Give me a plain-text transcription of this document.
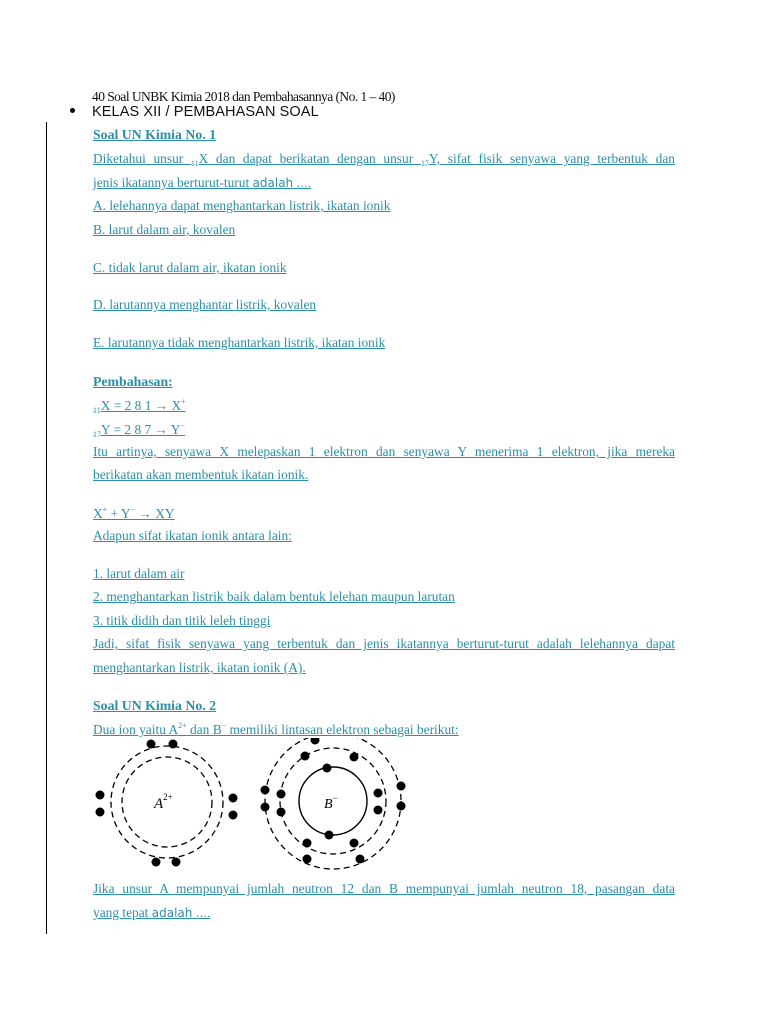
40 Soal UNBK Kimia 2018 dan Pembahasannya (No. 1 – 40)
KELAS XII / PEMBAHASAN SOAL
Soal UN Kimia No. 1
Diketahui unsur $_{11}$X dan dapat berikatan dengan unsur $_{17}$Y, sifat fisik senyawa yang terbentuk dan
jenis ikatannya berturut-turut adalah ….
A. lelehannya dapat menghantarkan listrik, ikatan ionik
B. larut dalam air, kovalen
C. tidak larut dalam air, ikatan ionik
D. larutannya menghantar listrik, kovalen
E. larutannya tidak menghantarkan listrik, ikatan ionik
Pembahasan:
$_{11}$X = 2 8 1 → X+
$_{17}$Y = 2 8 7 → Y−
Itu artinya, senyawa X melepaskan 1 elektron dan senyawa Y menerima 1 elektron, jika mereka
berikatan akan membentuk ikatan ionik.
X+ + Y− → XY
Adapun sifat ikatan ionik antara lain:
1. larut dalam air
2. menghantarkan listrik baik dalam bentuk lelehan maupun larutan
3. titik didih dan titik leleh tinggi
Jadi, sifat fisik senyawa yang terbentuk dan jenis ikatannya berturut-turut adalah lelehannya dapat
menghantarkan listrik, ikatan ionik (A).
Soal UN Kimia No. 2
Dua ion yaitu $A^{2+}$ dan B− memiliki lintasan elektron sebagai berikut:
Jika unsur A mempunyai jumlah neutron 12 dan B mempunyai jumlah neutron 18, pasangan data
yang tepat adalah ….
$A^{2+}$	B−
